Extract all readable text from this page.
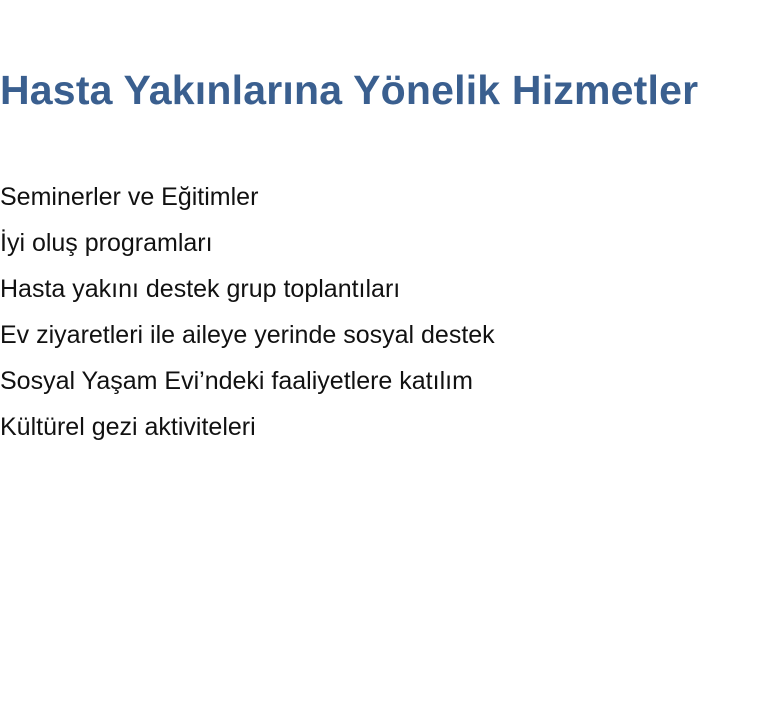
Hasta Yakınlarına Yönelik Hizmetler
Seminerler ve Eğitimler
İyi oluş programları
Hasta yakını destek grup toplantıları
Ev ziyaretleri ile aileye yerinde sosyal destek
Sosyal Yaşam Evi’ndeki faaliyetlere katılım
Kültürel gezi aktiviteleri
